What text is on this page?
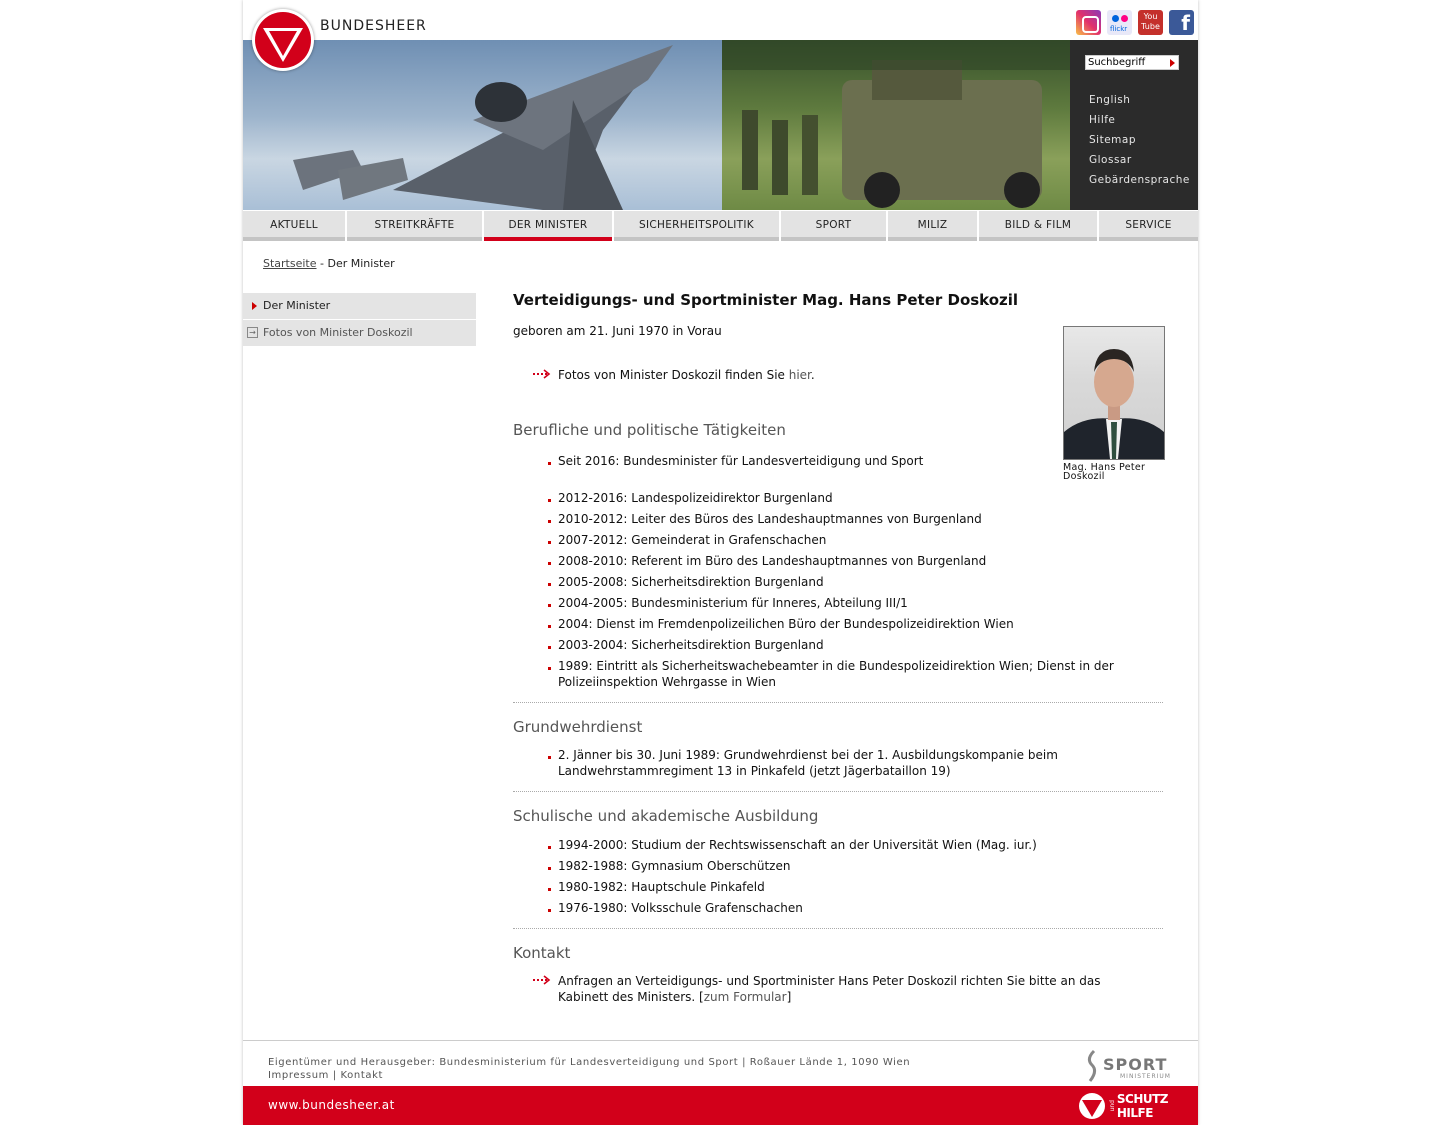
BUNDESHEER	flickr
You
Tube	f
Suchbegriff
English
Hilfe
Sitemap
Glossar
Gebärdensprache
AKTUELL	STREITKRÄFTE	DER MINISTER	SICHERHEITSPOLITIK	SPORT	MILIZ	BILD & FILM	SERVICE
Startseite - Der Minister
Der Minister
→ Fotos von Minister Doskozil
Mag. Hans Peter Doskozil
Verteidigungs- und Sportminister Mag. Hans Peter Doskozil

geboren am 21. Juni 1970 in Vorau

Fotos von Minister Doskozil finden Sie hier.
Berufliche und politische Tätigkeiten
Seit 2016: Bundesminister für Landesverteidigung und Sport
2012-2016: Landespolizeidirektor Burgenland
2010-2012: Leiter des Büros des Landeshauptmannes von Burgenland
2007-2012: Gemeinderat in Grafenschachen
2008-2010: Referent im Büro des Landeshauptmannes von Burgenland
2005-2008: Sicherheitsdirektion Burgenland
2004-2005: Bundesministerium für Inneres, Abteilung III/1
2004: Dienst im Fremdenpolizeilichen Büro der Bundespolizeidirektion Wien
2003-2004: Sicherheitsdirektion Burgenland
1989: Eintritt als Sicherheitswachebeamter in die Bundespolizeidirektion Wien; Dienst in der Polizeiinspektion Wehrgasse in Wien
Grundwehrdienst
2. Jänner bis 30. Juni 1989: Grundwehrdienst bei der 1. Ausbildungskompanie beim Landwehrstammregiment 13 in Pinkafeld (jetzt Jägerbataillon 19)
Schulische und akademische Ausbildung
1994-2000: Studium der Rechtswissenschaft an der Universität Wien (Mag. iur.)
1982-1988: Gymnasium Oberschützen
1980-1982: Hauptschule Pinkafeld
1976-1980: Volksschule Grafenschachen
Kontakt
Anfragen an Verteidigungs- und Sportminister Hans Peter Doskozil richten Sie bitte an das Kabinett des Ministers. [zum Formular]
Eigentümer und Herausgeber: Bundesministerium für Landesverteidigung und Sport | Roßauer Lände 1, 1090 Wien
Impressum | Kontakt
SPORT
MINISTERIUM
www.bundesheer.at	und SCHUTZ
HILFE
